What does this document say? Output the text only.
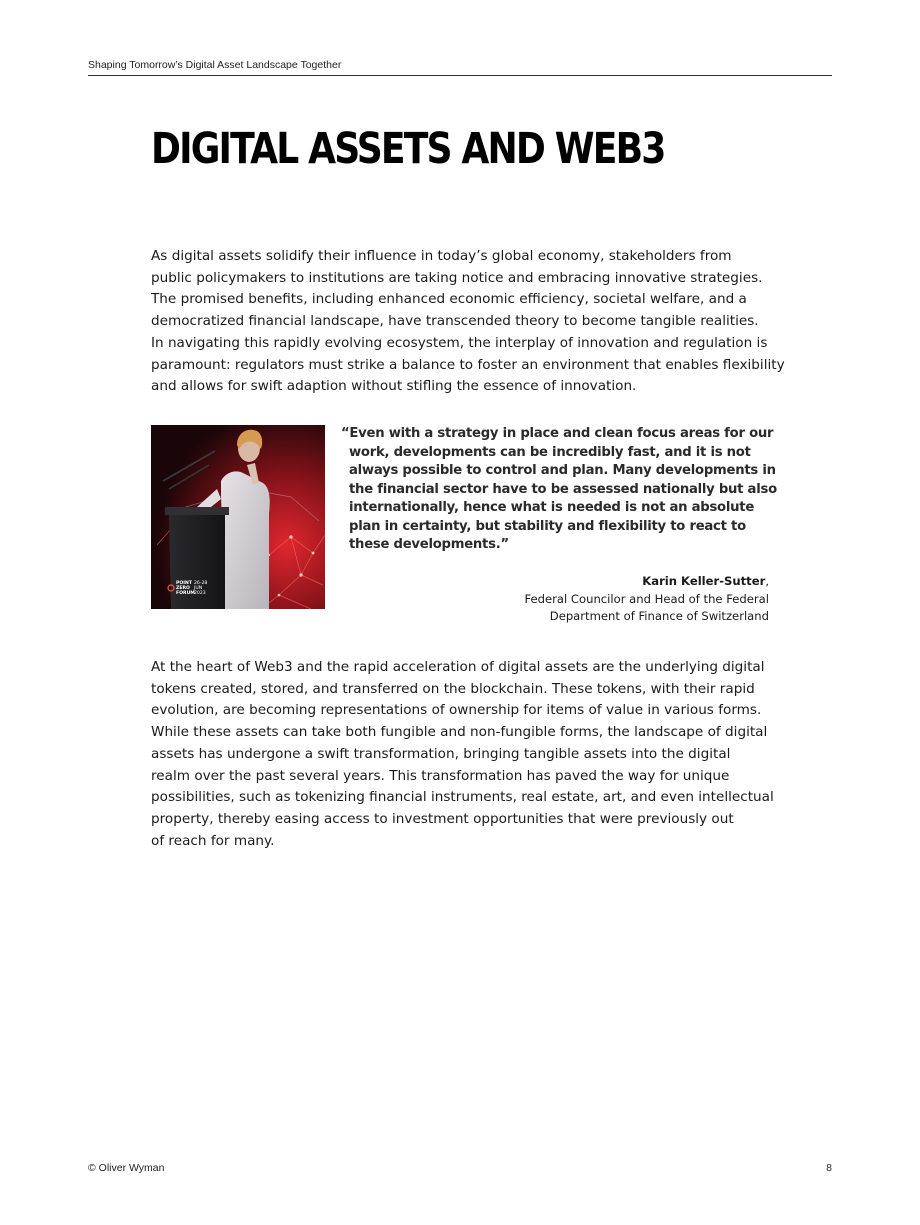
Shaping Tomorrow’s Digital Asset Landscape Together
DIGITAL ASSETS AND WEB3

As digital assets solidify their influence in today’s global economy, stakeholders from
public policymakers to institutions are taking notice and embracing innovative strategies.
The promised benefits, including enhanced economic efficiency, societal welfare, and a
democratized financial landscape, have transcended theory to become tangible realities.
In navigating this rapidly evolving ecosystem, the interplay of innovation and regulation is
paramount: regulators must strike a balance to foster an environment that enables flexibility
and allows for swift adaption without stifling the essence of innovation.

POINT
ZERO
FORUM
26-28
JUN
2023
“Even with a strategy in place and clean focus areas for our
work, developments can be incredibly fast, and it is not
always possible to control and plan. Many developments in
the financial sector have to be assessed nationally but also
internationally, hence what is needed is not an absolute
plan in certainty, but stability and flexibility to react to
these developments.”
Karin Keller-Sutter,
Federal Councilor and Head of the Federal
Department of Finance of Switzerland

At the heart of Web3 and the rapid acceleration of digital assets are the underlying digital
tokens created, stored, and transferred on the blockchain. These tokens, with their rapid
evolution, are becoming representations of ownership for items of value in various forms.
While these assets can take both fungible and non-fungible forms, the landscape of digital
assets has undergone a swift transformation, bringing tangible assets into the digital
realm over the past several years. This transformation has paved the way for unique
possibilities, such as tokenizing financial instruments, real estate, art, and even intellectual
property, thereby easing access to investment opportunities that were previously out
of reach for many.

© Oliver Wyman	8
